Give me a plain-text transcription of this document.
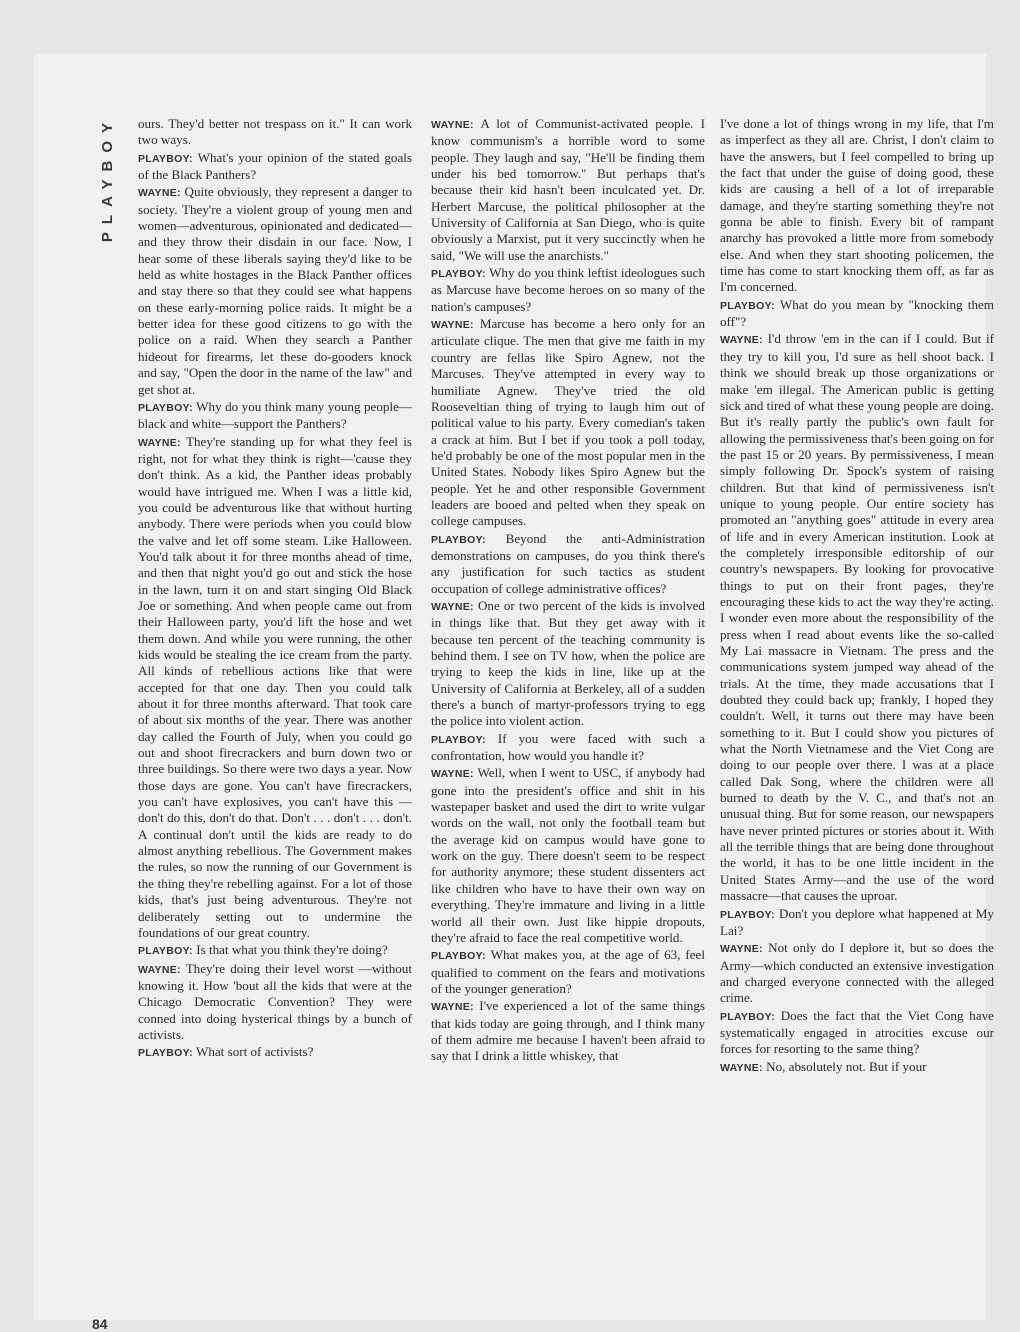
PLAYBOY
84

ours. They'd better not trespass on it." It can work two ways.

PLAYBOY: What's your opinion of the stated goals of the Black Panthers?

WAYNE: Quite obviously, they represent a danger to society. They're a violent group of young men and women—adventurous, opinionated and dedicated—and they throw their disdain in our face. Now, I hear some of these liberals saying they'd like to be held as white hostages in the Black Panther offices and stay there so that they could see what happens on these early-morning police raids. It might be a better idea for these good citizens to go with the police on a raid. When they search a Panther hideout for firearms, let these do-gooders knock and say, "Open the door in the name of the law" and get shot at.

PLAYBOY: Why do you think many young people—black and white—support the Panthers?

WAYNE: They're standing up for what they feel is right, not for what they think is right—'cause they don't think. As a kid, the Panther ideas probably would have intrigued me. When I was a little kid, you could be adventurous like that without hurting anybody. There were periods when you could blow the valve and let off some steam. Like Halloween. You'd talk about it for three months ahead of time, and then that night you'd go out and stick the hose in the lawn, turn it on and start singing Old Black Joe or something. And when people came out from their Halloween party, you'd lift the hose and wet them down. And while you were running, the other kids would be stealing the ice cream from the party. All kinds of rebellious actions like that were accepted for that one day. Then you could talk about it for three months afterward. That took care of about six months of the year. There was another day called the Fourth of July, when you could go out and shoot firecrackers and burn down two or three buildings. So there were two days a year. Now those days are gone. You can't have firecrackers, you can't have explosives, you can't have this —don't do this, don't do that. Don't . . . don't . . . don't. A continual don't until the kids are ready to do almost anything rebellious. The Government makes the rules, so now the running of our Government is the thing they're rebelling against. For a lot of those kids, that's just being adventurous. They're not deliberately setting out to undermine the foundations of our great country.

PLAYBOY: Is that what you think they're doing?

WAYNE: They're doing their level worst —without knowing it. How 'bout all the kids that were at the Chicago Democratic Convention? They were conned into doing hysterical things by a bunch of activists.

PLAYBOY: What sort of activists?

WAYNE: A lot of Communist-activated people. I know communism's a horrible word to some people. They laugh and say, "He'll be finding them under his bed tomorrow." But perhaps that's because their kid hasn't been inculcated yet. Dr. Herbert Marcuse, the political philosopher at the University of California at San Diego, who is quite obviously a Marxist, put it very succinctly when he said, "We will use the anarchists."

PLAYBOY: Why do you think leftist ideologues such as Marcuse have become heroes on so many of the nation's campuses?

WAYNE: Marcuse has become a hero only for an articulate clique. The men that give me faith in my country are fellas like Spiro Agnew, not the Marcuses. They've attempted in every way to humiliate Agnew. They've tried the old Rooseveltian thing of trying to laugh him out of political value to his party. Every comedian's taken a crack at him. But I bet if you took a poll today, he'd probably be one of the most popular men in the United States. Nobody likes Spiro Agnew but the people. Yet he and other responsible Government leaders are booed and pelted when they speak on college campuses.

PLAYBOY: Beyond the anti-Administration demonstrations on campuses, do you think there's any justification for such tactics as student occupation of college administrative offices?

WAYNE: One or two percent of the kids is involved in things like that. But they get away with it because ten percent of the teaching community is behind them. I see on TV how, when the police are trying to keep the kids in line, like up at the University of California at Berkeley, all of a sudden there's a bunch of martyr-professors trying to egg the police into violent action.

PLAYBOY: If you were faced with such a confrontation, how would you handle it?

WAYNE: Well, when I went to USC, if anybody had gone into the president's office and shit in his wastepaper basket and used the dirt to write vulgar words on the wall, not only the football team but the average kid on campus would have gone to work on the guy. There doesn't seem to be respect for authority anymore; these student dissenters act like children who have to have their own way on everything. They're immature and living in a little world all their own. Just like hippie dropouts, they're afraid to face the real competitive world.

PLAYBOY: What makes you, at the age of 63, feel qualified to comment on the fears and motivations of the younger generation?

WAYNE: I've experienced a lot of the same things that kids today are going through, and I think many of them admire me because I haven't been afraid to say that I drink a little whiskey, that

I've done a lot of things wrong in my life, that I'm as imperfect as they all are. Christ, I don't claim to have the answers, but I feel compelled to bring up the fact that under the guise of doing good, these kids are causing a hell of a lot of irreparable damage, and they're starting something they're not gonna be able to finish. Every bit of rampant anarchy has provoked a little more from somebody else. And when they start shooting policemen, the time has come to start knocking them off, as far as I'm concerned.

PLAYBOY: What do you mean by "knocking them off"?

WAYNE: I'd throw 'em in the can if I could. But if they try to kill you, I'd sure as hell shoot back. I think we should break up those organizations or make 'em illegal. The American public is getting sick and tired of what these young people are doing. But it's really partly the public's own fault for allowing the permissiveness that's been going on for the past 15 or 20 years. By permissiveness, I mean simply following Dr. Spock's system of raising children. But that kind of permissiveness isn't unique to young people. Our entire society has promoted an "anything goes" attitude in every area of life and in every American institution. Look at the completely irresponsible editorship of our country's newspapers. By looking for provocative things to put on their front pages, they're encouraging these kids to act the way they're acting. I wonder even more about the responsibility of the press when I read about events like the so-called My Lai massacre in Vietnam. The press and the communications system jumped way ahead of the trials. At the time, they made accusations that I doubted they could back up; frankly, I hoped they couldn't. Well, it turns out there may have been something to it. But I could show you pictures of what the North Vietnamese and the Viet Cong are doing to our people over there. I was at a place called Dak Song, where the children were all burned to death by the V. C., and that's not an unusual thing. But for some reason, our newspapers have never printed pictures or stories about it. With all the terrible things that are being done throughout the world, it has to be one little incident in the United States Army—and the use of the word massacre—that causes the uproar.

PLAYBOY: Don't you deplore what happened at My Lai?

WAYNE: Not only do I deplore it, but so does the Army—which conducted an extensive investigation and charged everyone connected with the alleged crime.

PLAYBOY: Does the fact that the Viet Cong have systematically engaged in atrocities excuse our forces for resorting to the same thing?

WAYNE: No, absolutely not. But if your
